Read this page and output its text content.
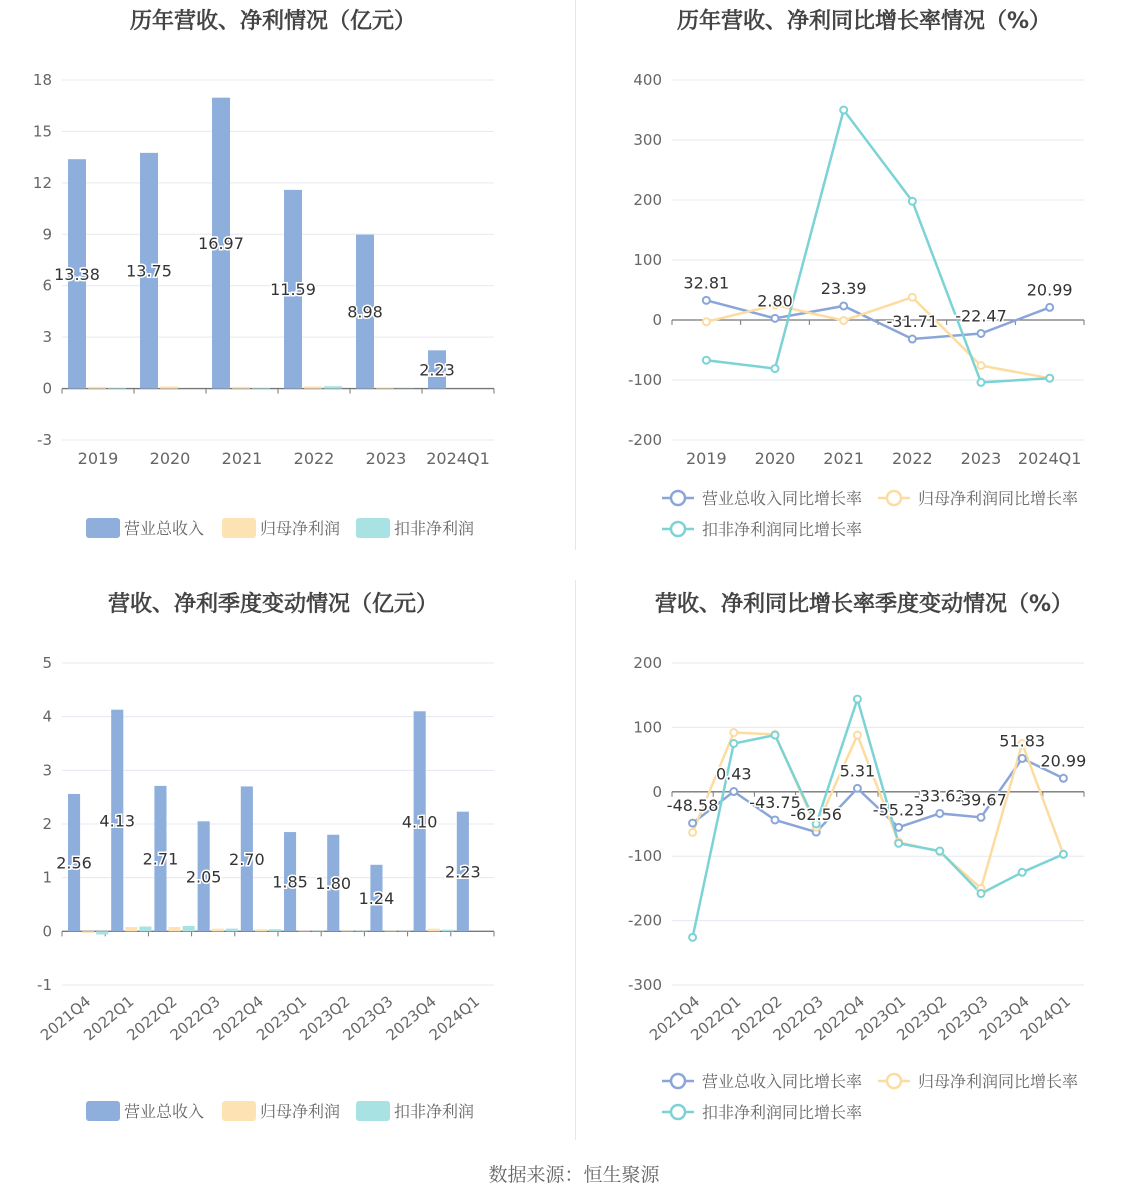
历年营收、净利情况（亿元）
-3
0
3
6
9
12
15
18
2019 2020 2021 2022 2023 2024Q1
13.38 13.75
16.97
11.59
8.98
2.23
营业总收入	归母净利润	扣非净利润
历年营收、净利同比增长率情况（%）
-200
-100
0
100
200
300
400
2019 2020 2021 2022 2023 2024Q1
32.81
2.80
23.39
-31.71 -22.47
20.99
营业总收入同比增长率	归母净利润同比增长率
扣非净利润同比增长率
营收、净利季度变动情况（亿元）
-1
0
1
2
3
4
5
2021Q4
2022Q1
2022Q2
2022Q3
2022Q4
2023Q1
2023Q2
2023Q3
2023Q4
2024Q1
2.56
4.13
2.71
2.05
2.70
1.85 1.80
1.24
4.10
2.23
营业总收入	归母净利润	扣非净利润
营收、净利同比增长率季度变动情况（%）
-300
-200
-100
0
100
200
2021Q4
2022Q1
2022Q2
2022Q3
2022Q4
2023Q1
2023Q2
2023Q3
2023Q4
2024Q1
-48.58
0.43
-43.75
-62.56
5.31
-55.23
-33.62
-39.67
51.83
20.99
营业总收入同比增长率	归母净利润同比增长率
扣非净利润同比增长率
数据来源：恒生聚源
